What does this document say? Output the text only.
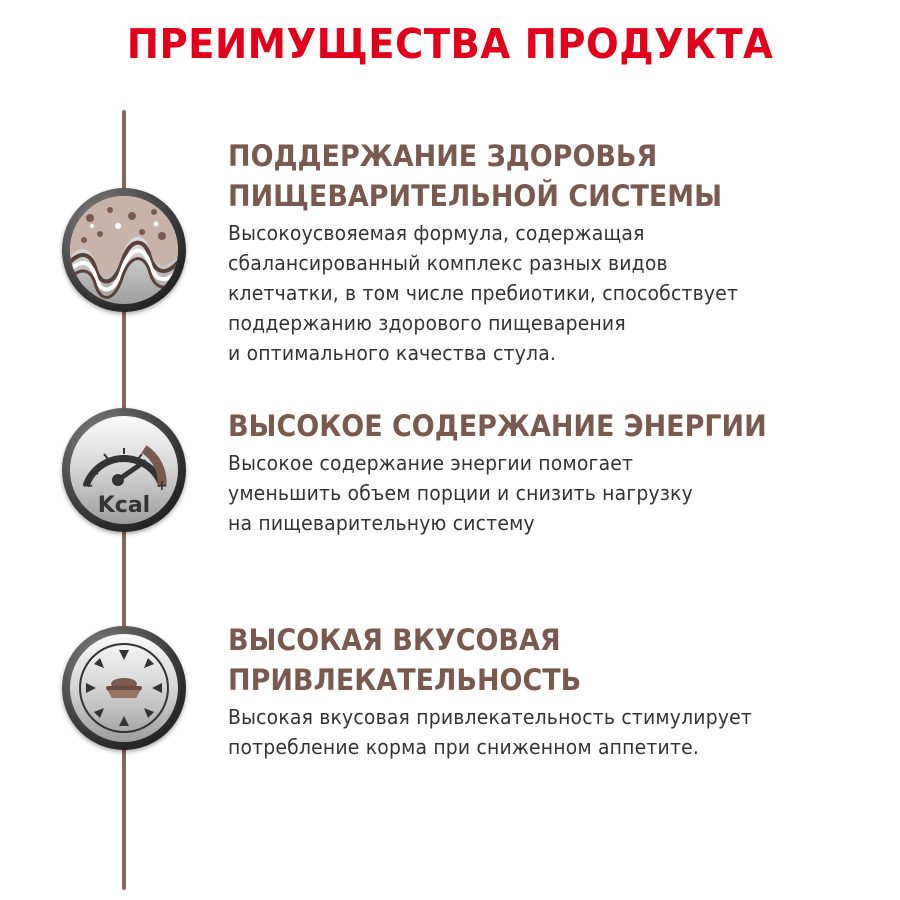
ПРЕИМУЩЕСТВА ПРОДУКТА
ПОДДЕРЖАНИЕ ЗДОРОВЬЯ
ПИЩЕВАРИТЕЛЬНОЙ СИСТЕМЫ
Высокоусвояемая формула, содержащая
сбалансированный комплекс разных видов
клетчатки, в том числе пребиотики, способствует
поддержанию здорового пищеварения
и оптимального качества стула.
−	+
Kcal
ВЫСОКОЕ СОДЕРЖАНИЕ ЭНЕРГИИ
Высокое содержание энергии помогает
уменьшить объем порции и снизить нагрузку
на пищеварительную систему
ВЫСОКАЯ ВКУСОВАЯ
ПРИВЛЕКАТЕЛЬНОСТЬ
Высокая вкусовая привлекательность стимулирует
потребление корма при сниженном аппетите.
